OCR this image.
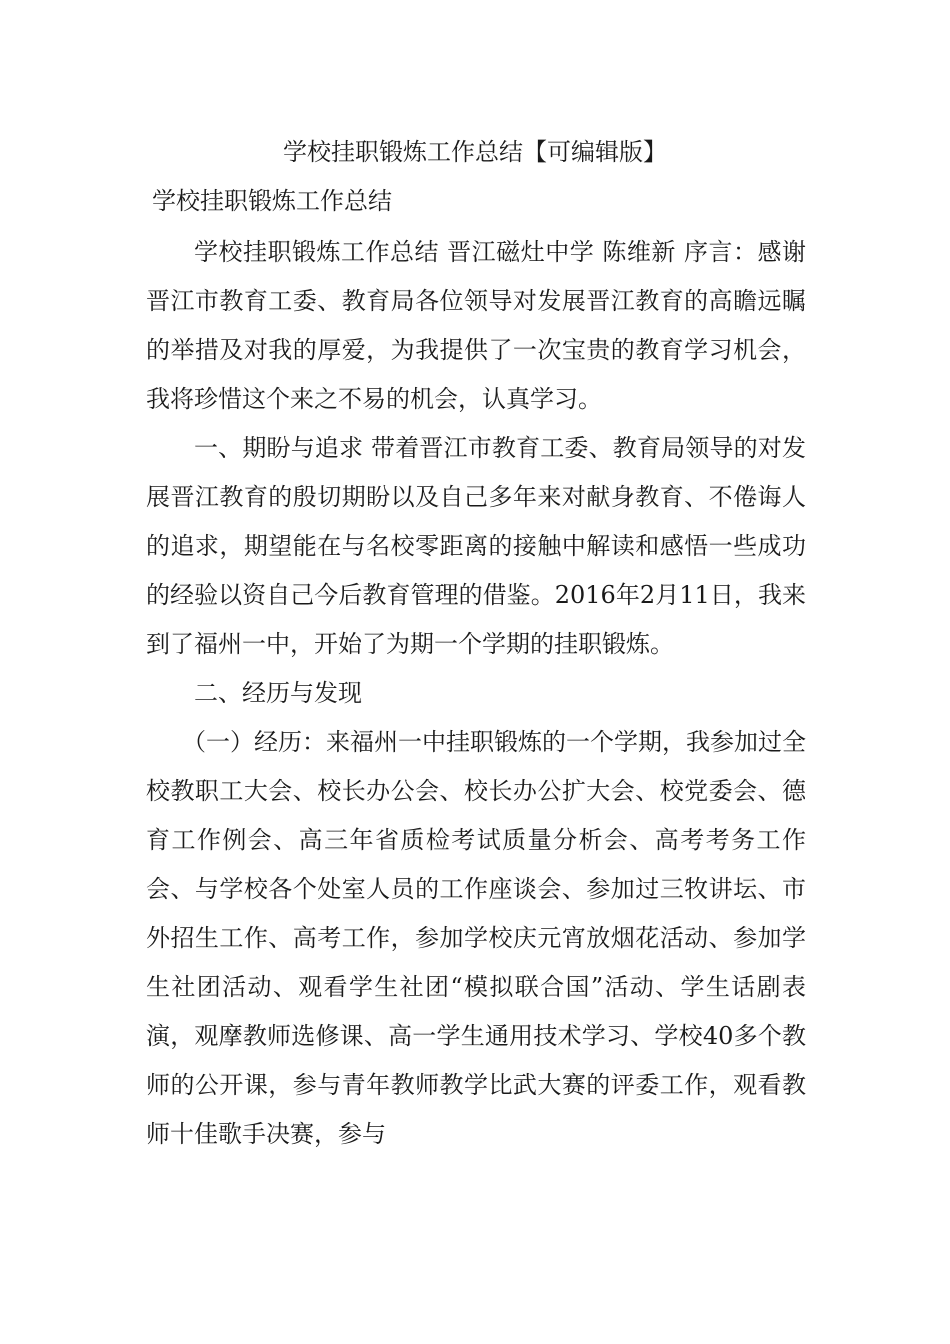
学校挂职锻炼工作总结【可编辑版】
学校挂职锻炼工作总结

学校挂职锻炼工作总结 晋江磁灶中学 陈维新 序言：感谢晋江市教育工委、教育局各位领导对发展晋江教育的高瞻远瞩的举措及对我的厚爱，为我提供了一次宝贵的教育学习机会，我将珍惜这个来之不易的机会，认真学习。

一、期盼与追求 带着晋江市教育工委、教育局领导的对发展晋江教育的殷切期盼以及自己多年来对献身教育、不倦诲人的追求，期望能在与名校零距离的接触中解读和感悟一些成功的经验以资自己今后教育管理的借鉴。2016年2月11日，我来到了福州一中，开始了为期一个学期的挂职锻炼。

二、经历与发现

（一）经历：来福州一中挂职锻炼的一个学期，我参加过全校教职工大会、校长办公会、校长办公扩大会、校党委会、德育工作例会、高三年省质检考试质量分析会、高考考务工作会、与学校各个处室人员的工作座谈会、参加过三牧讲坛、市外招生工作、高考工作，参加学校庆元宵放烟花活动、参加学生社团活动、观看学生社团“模拟联合国”活动、学生话剧表演，观摩教师选修课、高一学生通用技术学习、学校40多个教师的公开课，参与青年教师教学比武大赛的评委工作，观看教师十佳歌手决赛，参与
